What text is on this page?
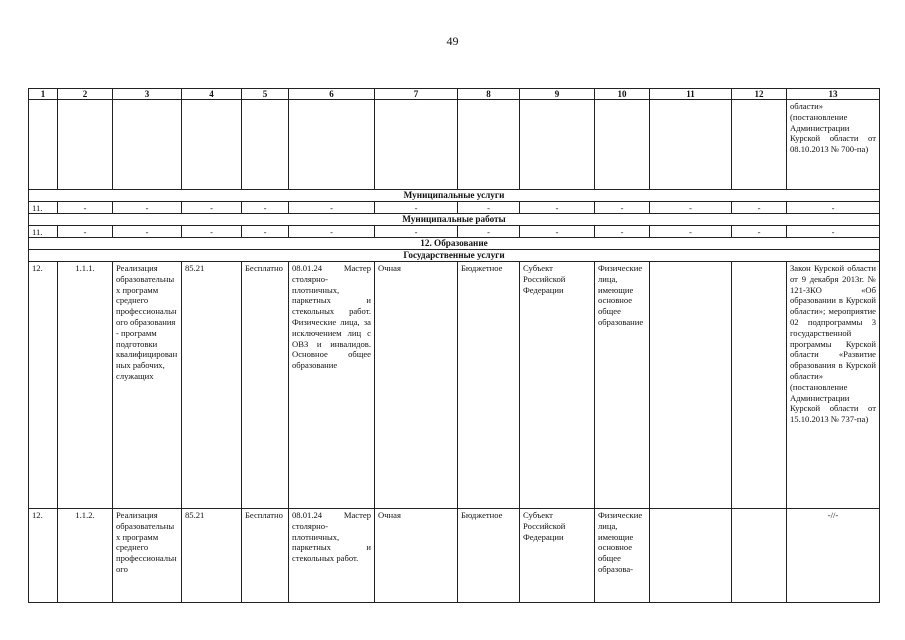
49
1	2	3	4	5	6	7	8	9	10	11	12	13
												области» (постановление Администрации Курской области от 08.10.2013 № 700-па)
Муниципальные услуги												
11.	-	-	-	-	-	-	-	-	-	-	-	-
Муниципальные работы												
11.	-	-	-	-	-	-	-	-	-	-	-	-
12. Образование												
Государственные услуги												
12.	1.1.1.	Реализация образовательных программ среднего профессионального образования - программ подготовки квалифицированных рабочих, служащих	85.21	Бесплатно	08.01.24 Мастер столярно-плотничных, паркетных и стекольных работ. Физические лица, за исключением лиц с ОВЗ и инвалидов. Основное общее образование	Очная	Бюджетное	Субъект Российской Федерации	Физические лица, имеющие основное общее образование			Закон Курской области от 9 декабря 2013г. № 121-ЗКО «Об образовании в Курской области»; мероприятие 02 подпрограммы 3 государственной программы Курской области «Развитие образования в Курской области» (постановление Администрации Курской области от 15.10.2013 № 737-па)
12.	1.1.2.	Реализация образовательных программ среднего профессионального	85.21	Бесплатно	08.01.24 Мастер столярно-плотничных, паркетных и стекольных работ.	Очная	Бюджетное	Субъект Российской Федерации	Физические лица, имеющие основное общее образова-			-//-
